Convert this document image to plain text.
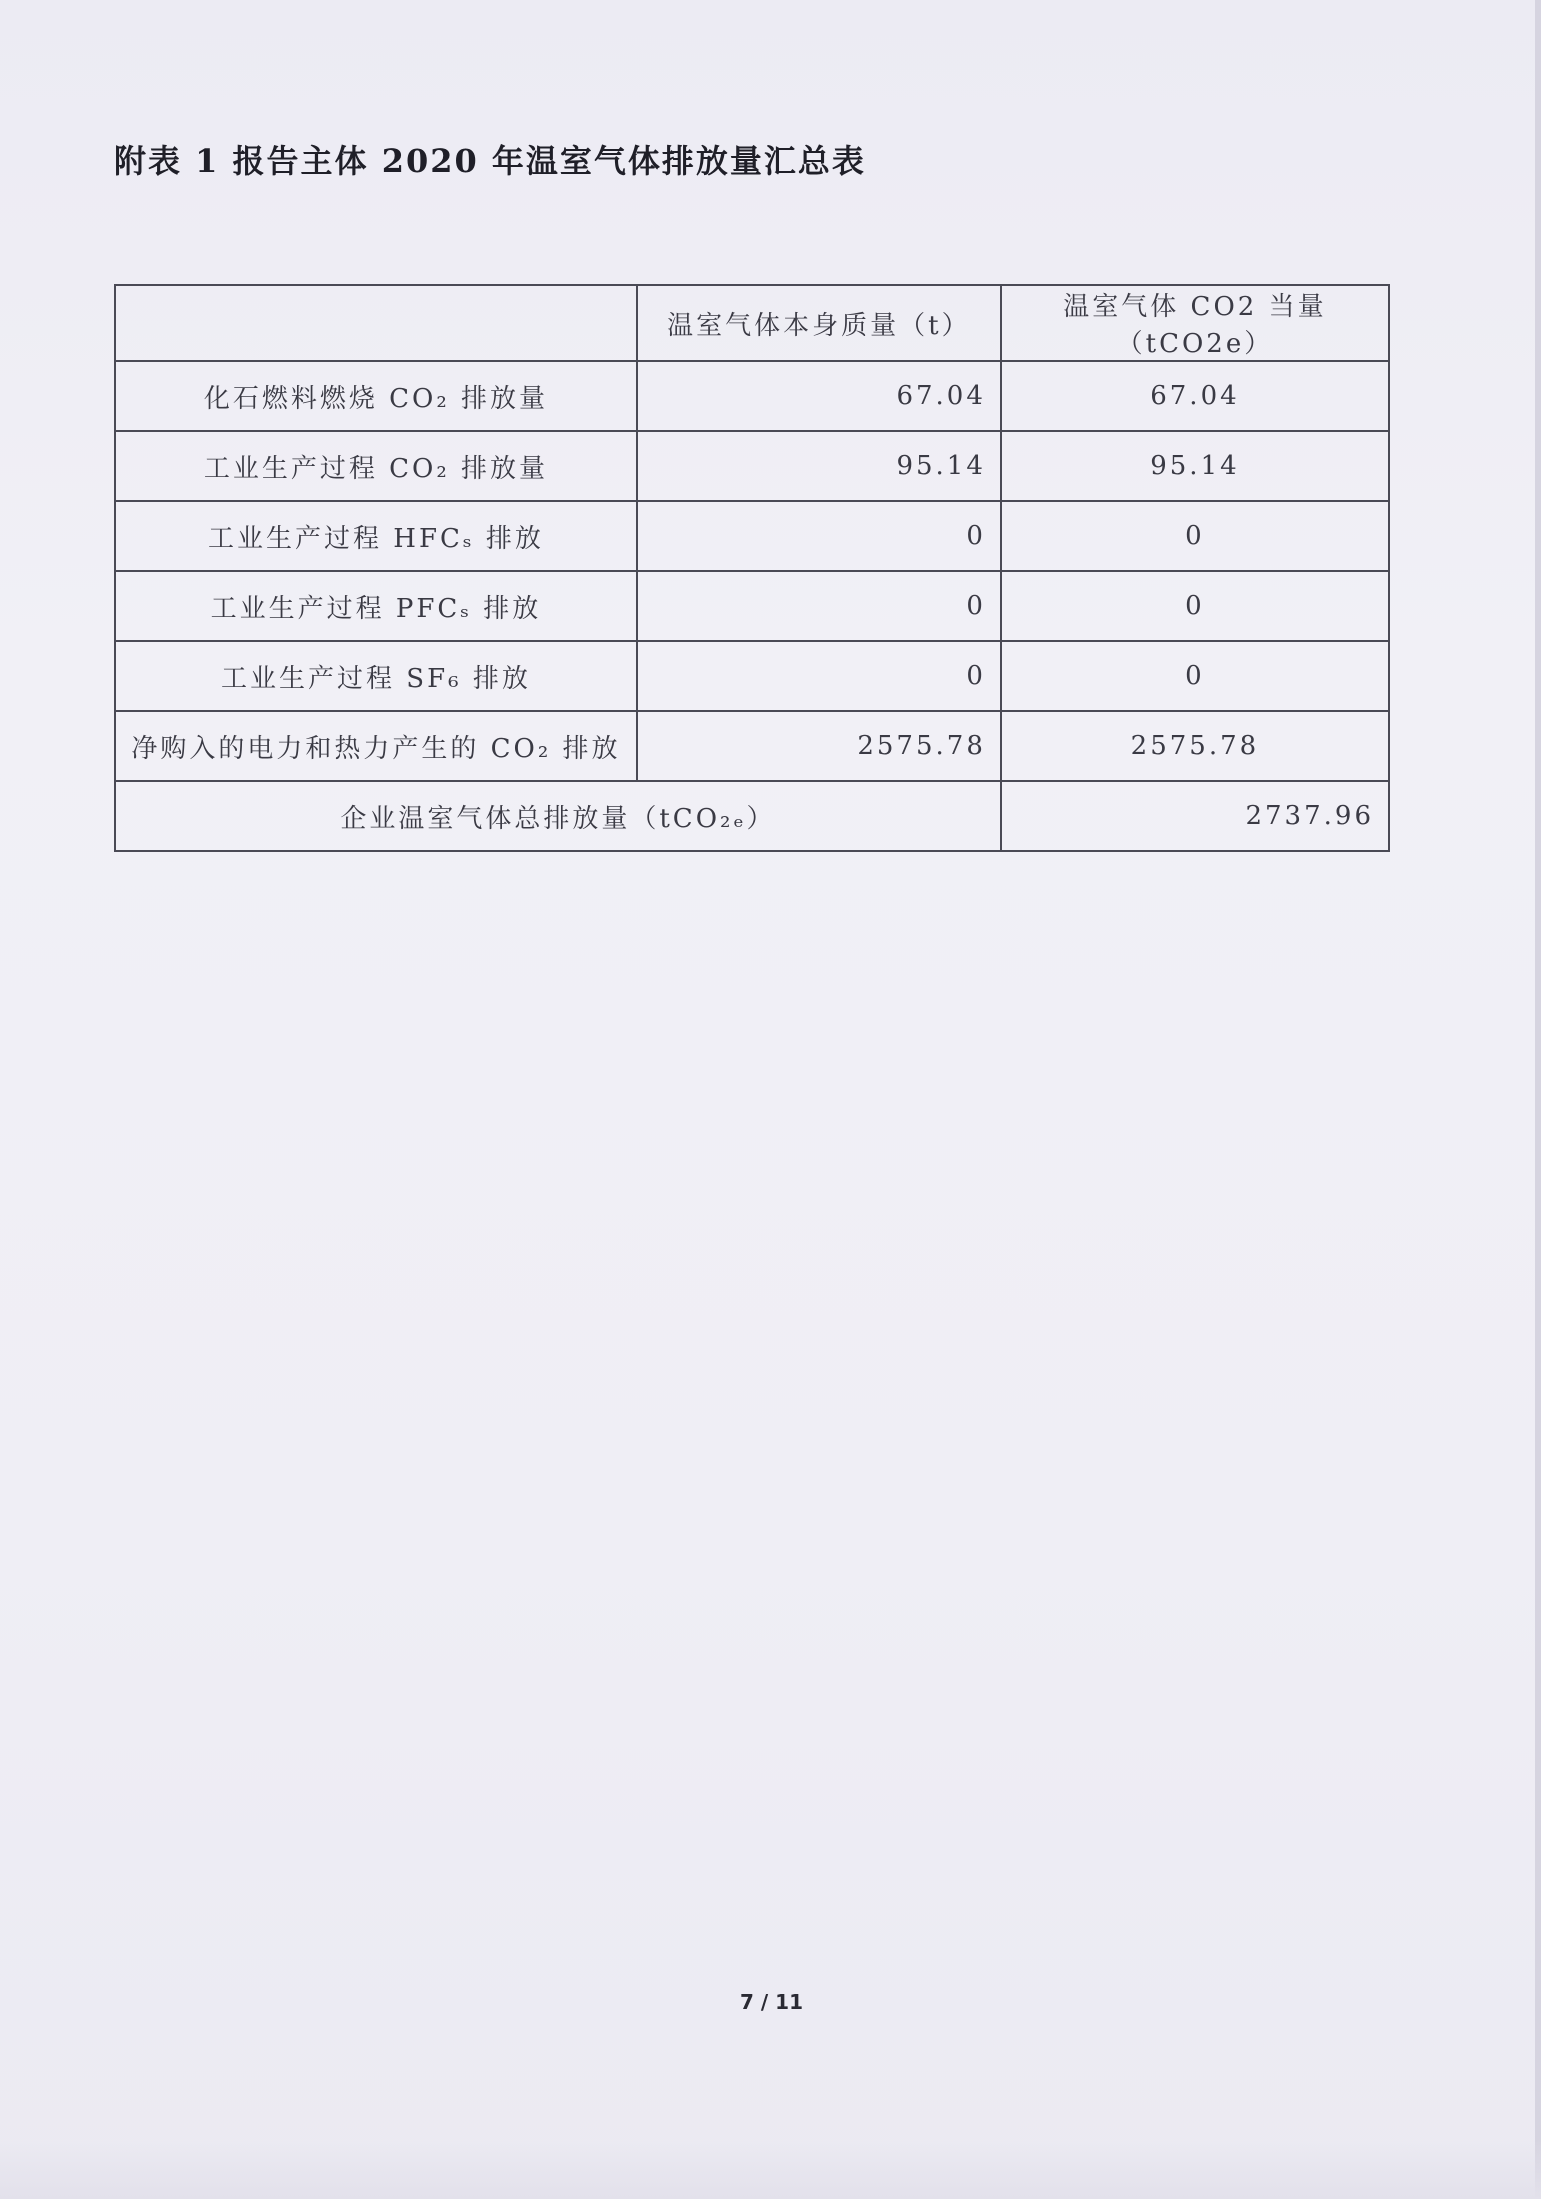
附表 1 报告主体 2020 年温室气体排放量汇总表
	温室气体本身质量（t）	温室气体 CO2 当量（tCO2e）
化石燃料燃烧 CO₂ 排放量	67.04	67.04
工业生产过程 CO₂ 排放量	95.14	95.14
工业生产过程 HFCₛ 排放	0	0
工业生产过程 PFCₛ 排放	0	0
工业生产过程 SF₆ 排放	0	0
净购入的电力和热力产生的 CO₂ 排放	2575.78	2575.78
企业温室气体总排放量（tCO₂ₑ）		2737.96
7 / 11
